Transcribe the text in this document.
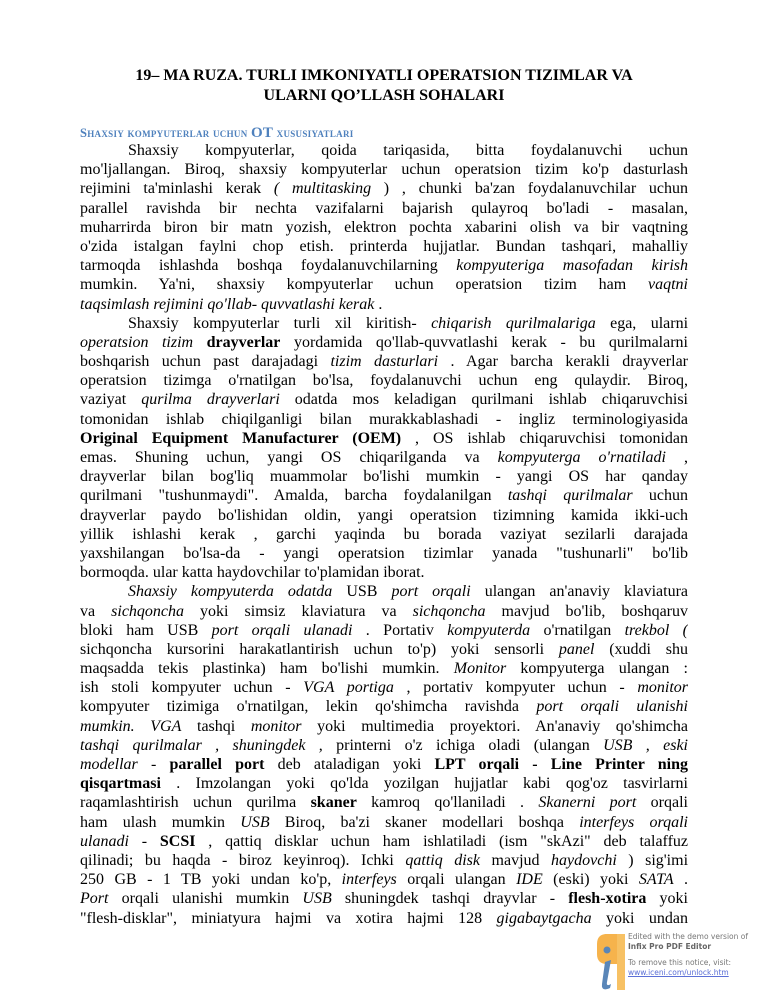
19– MA RUZA. TURLI IMKONIYATLI OPERATSION TIZIMLAR VA
ULARNI QO’LLASH SOHALARI
Shaxsiy kompyuterlar uchun OT xususiyatlari
Shaxsiy kompyuterlar, qoida tariqasida, bitta foydalanuvchi uchun
mo'ljallangan. Biroq, shaxsiy kompyuterlar uchun operatsion tizim ko'p dasturlash
rejimini ta'minlashi kerak ( multitasking ) , chunki ba'zan foydalanuvchilar uchun
parallel ravishda bir nechta vazifalarni bajarish qulayroq bo'ladi - masalan,
muharrirda biron bir matn yozish, elektron pochta xabarini olish va bir vaqtning
o'zida istalgan faylni chop etish. printerda hujjatlar. Bundan tashqari, mahalliy
tarmoqda ishlashda boshqa foydalanuvchilarning kompyuteriga masofadan kirish
mumkin. Ya'ni, shaxsiy kompyuterlar uchun operatsion tizim ham vaqtni
taqsimlash rejimini qo'llab- quvvatlashi kerak .
Shaxsiy kompyuterlar turli xil kiritish- chiqarish qurilmalariga ega, ularni
operatsion tizim drayverlar yordamida qo'llab-quvvatlashi kerak - bu qurilmalarni
boshqarish uchun past darajadagi tizim dasturlari . Agar barcha kerakli drayverlar
operatsion tizimga o'rnatilgan bo'lsa, foydalanuvchi uchun eng qulaydir. Biroq,
vaziyat qurilma drayverlari odatda mos keladigan qurilmani ishlab chiqaruvchisi
tomonidan ishlab chiqilganligi bilan murakkablashadi - ingliz terminologiyasida
Original Equipment Manufacturer (OEM) , OS ishlab chiqaruvchisi tomonidan
emas. Shuning uchun, yangi OS chiqarilganda va kompyuterga o'rnatiladi ,
drayverlar bilan bog'liq muammolar bo'lishi mumkin - yangi OS har qanday
qurilmani "tushunmaydi". Amalda, barcha foydalanilgan tashqi qurilmalar uchun
drayverlar paydo bo'lishidan oldin, yangi operatsion tizimning kamida ikki-uch
yillik ishlashi kerak , garchi yaqinda bu borada vaziyat sezilarli darajada
yaxshilangan bo'lsa-da - yangi operatsion tizimlar yanada "tushunarli" bo'lib
bormoqda. ular katta haydovchilar to'plamidan iborat.
Shaxsiy kompyuterda odatda USB port orqali ulangan an'anaviy klaviatura
va sichqoncha yoki simsiz klaviatura va sichqoncha mavjud bo'lib, boshqaruv
bloki ham USB port orqali ulanadi . Portativ kompyuterda o'rnatilgan trekbol (
sichqoncha kursorini harakatlantirish uchun to'p) yoki sensorli panel (xuddi shu
maqsadda tekis plastinka) ham bo'lishi mumkin. Monitor kompyuterga ulangan :
ish stoli kompyuter uchun - VGA portiga , portativ kompyuter uchun - monitor
kompyuter tizimiga o'rnatilgan, lekin qo'shimcha ravishda port orqali ulanishi
mumkin. VGA tashqi monitor yoki multimedia proyektori. An'anaviy qo'shimcha
tashqi qurilmalar , shuningdek , printerni o'z ichiga oladi (ulangan USB , eski
modellar - parallel port deb ataladigan yoki LPT orqali - Line Printer ning
qisqartmasi . Imzolangan yoki qo'lda yozilgan hujjatlar kabi qog'oz tasvirlarni
raqamlashtirish uchun qurilma skaner kamroq qo'llaniladi . Skanerni port orqali
ham ulash mumkin USB Biroq, ba'zi skaner modellari boshqa interfeys orqali
ulanadi - SCSI , qattiq disklar uchun ham ishlatiladi (ism "skAzi" deb talaffuz
qilinadi; bu haqda - biroz keyinroq). Ichki qattiq disk mavjud haydovchi ) sig'imi
250 GB - 1 TB yoki undan ko'p, interfeys orqali ulangan IDE (eski) yoki SATA .
Port orqali ulanishi mumkin USB shuningdek tashqi drayvlar - flesh-xotira yoki
"flesh-disklar", miniatyura hajmi va xotira hajmi 128 gigabaytgacha yoki undan
Edited with the demo version of
Infix Pro PDF Editor
To remove this notice, visit:
www.iceni.com/unlock.htm
